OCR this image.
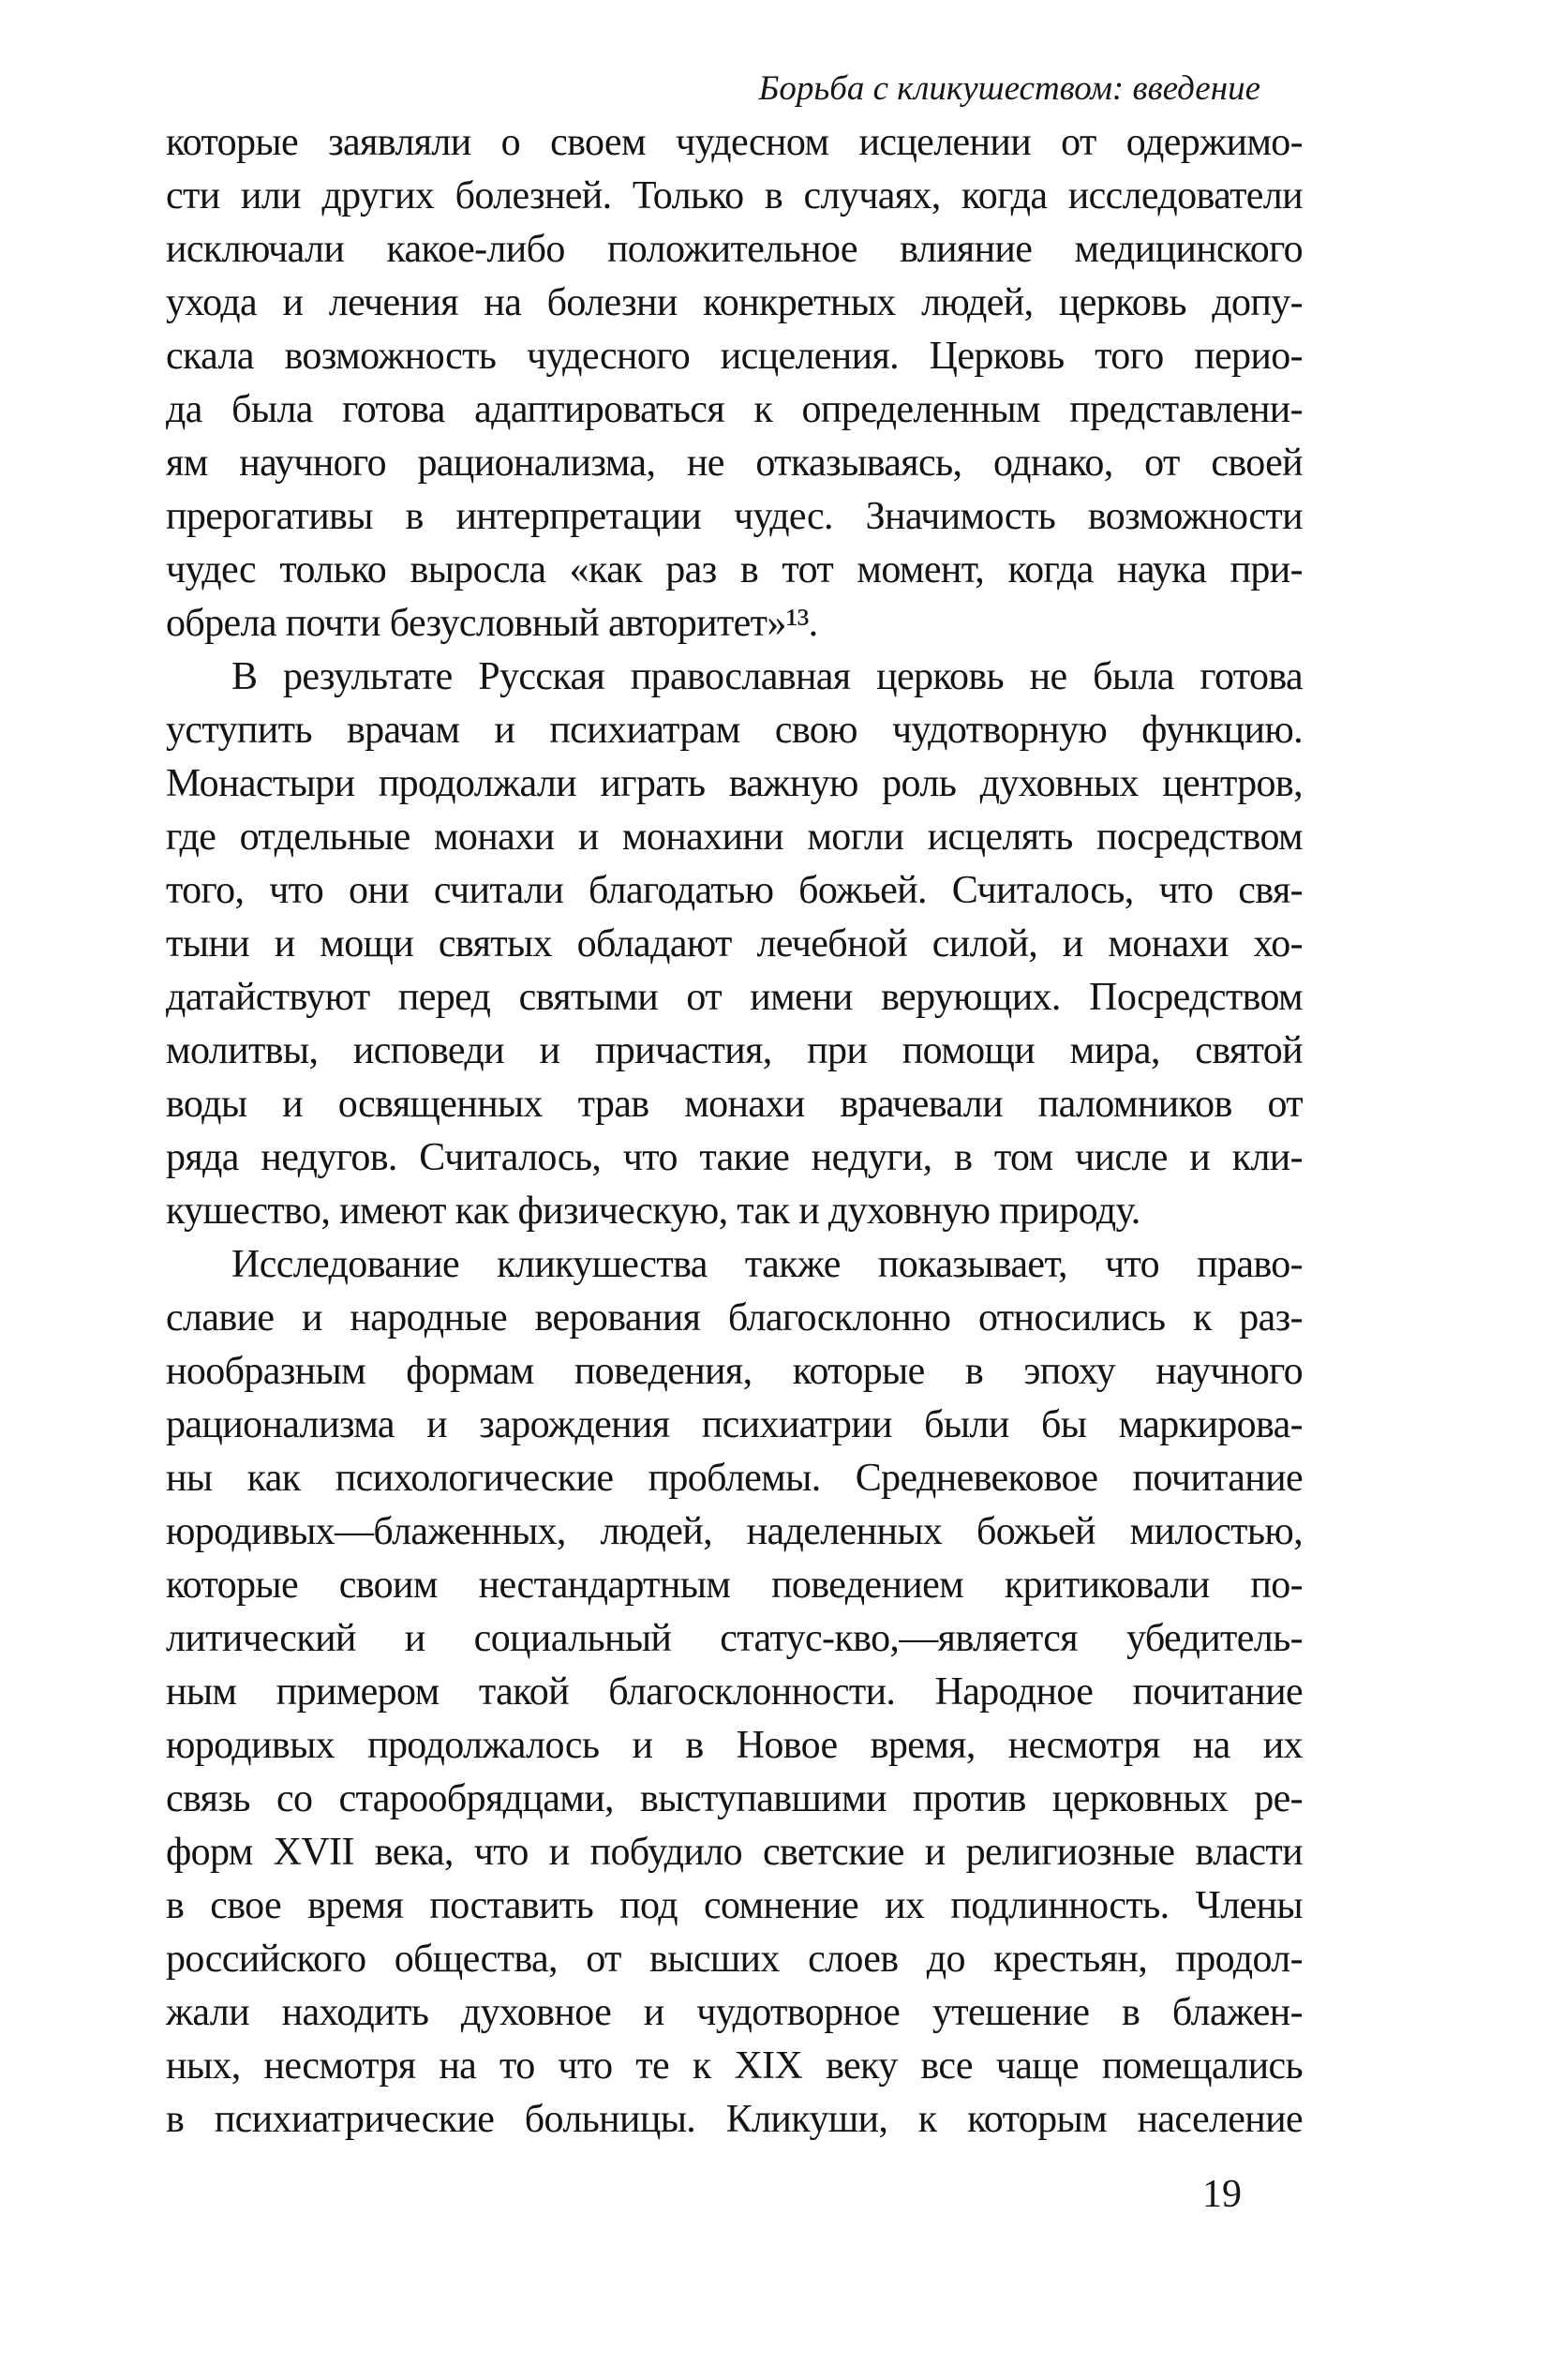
Борьба с кликушеством: введение
которые заявляли о своем чудесном исцелении от одержимо-
сти или других болезней. Только в случаях, когда исследователи
исключали какое-либо положительное влияние медицинского
ухода и лечения на болезни конкретных людей, церковь допу-
скала возможность чудесного исцеления. Церковь того перио-
да была готова адаптироваться к определенным представлени-
ям научного рационализма, не отказываясь, однако, от своей
прерогативы в интерпретации чудес. Значимость возможности
чудес только выросла «как раз в тот момент, когда наука при-
обрела почти безусловный авторитет»¹³.
В результате Русская православная церковь не была готова
уступить врачам и психиатрам свою чудотворную функцию.
Монастыри продолжали играть важную роль духовных центров,
где отдельные монахи и монахини могли исцелять посредством
того, что они считали благодатью божьей. Считалось, что свя-
тыни и мощи святых обладают лечебной силой, и монахи хо-
датайствуют перед святыми от имени верующих. Посредством
молитвы, исповеди и причастия, при помощи мира, святой
воды и освященных трав монахи врачевали паломников от
ряда недугов. Считалось, что такие недуги, в том числе и кли-
кушество, имеют как физическую, так и духовную природу.
Исследование кликушества также показывает, что право-
славие и народные верования благосклонно относились к раз-
нообразным формам поведения, которые в эпоху научного
рационализма и зарождения психиатрии были бы маркирова-
ны как психологические проблемы. Средневековое почитание
юродивых—блаженных, людей, наделенных божьей милостью,
которые своим нестандартным поведением критиковали по-
литический и социальный статус-кво,—является убедитель-
ным примером такой благосклонности. Народное почитание
юродивых продолжалось и в Новое время, несмотря на их
связь со старообрядцами, выступавшими против церковных ре-
форм XVII века, что и побудило светские и религиозные власти
в свое время поставить под сомнение их подлинность. Члены
российского общества, от высших слоев до крестьян, продол-
жали находить духовное и чудотворное утешение в блажен-
ных, несмотря на то что те к XIX веку все чаще помещались
в психиатрические больницы. Кликуши, к которым население
19
